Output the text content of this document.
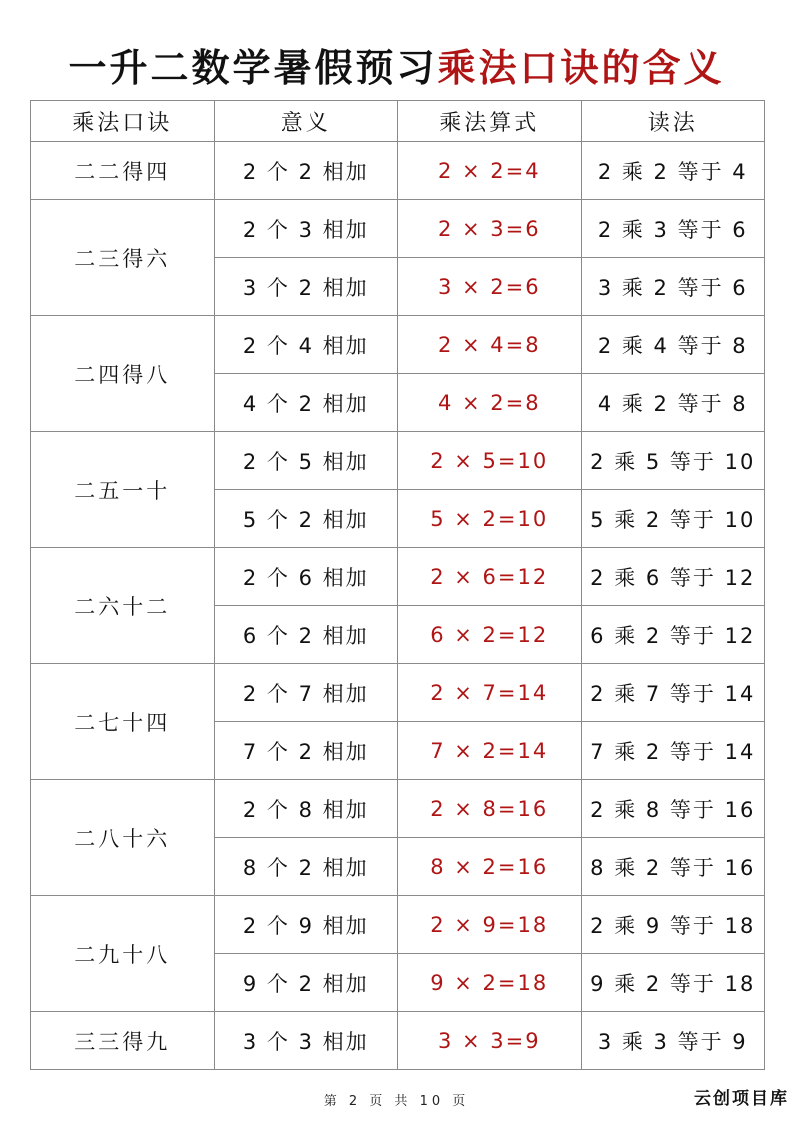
一升二数学暑假预习乘法口诀的含义
乘法口诀	意义	乘法算式	读法
二二得四	2 个 2 相加	2 × 2=4	2 乘 2 等于 4
二三得六	2 个 3 相加	2 × 3=6	2 乘 3 等于 6
	3 个 2 相加	3 × 2=6	3 乘 2 等于 6
二四得八	2 个 4 相加	2 × 4=8	2 乘 4 等于 8
	4 个 2 相加	4 × 2=8	4 乘 2 等于 8
二五一十	2 个 5 相加	2 × 5=10	2 乘 5 等于 10
	5 个 2 相加	5 × 2=10	5 乘 2 等于 10
二六十二	2 个 6 相加	2 × 6=12	2 乘 6 等于 12
	6 个 2 相加	6 × 2=12	6 乘 2 等于 12
二七十四	2 个 7 相加	2 × 7=14	2 乘 7 等于 14
	7 个 2 相加	7 × 2=14	7 乘 2 等于 14
二八十六	2 个 8 相加	2 × 8=16	2 乘 8 等于 16
	8 个 2 相加	8 × 2=16	8 乘 2 等于 16
二九十八	2 个 9 相加	2 × 9=18	2 乘 9 等于 18
	9 个 2 相加	9 × 2=18	9 乘 2 等于 18
三三得九	3 个 3 相加	3 × 3=9	3 乘 3 等于 9
第 2 页 共 10 页	云创项目库
